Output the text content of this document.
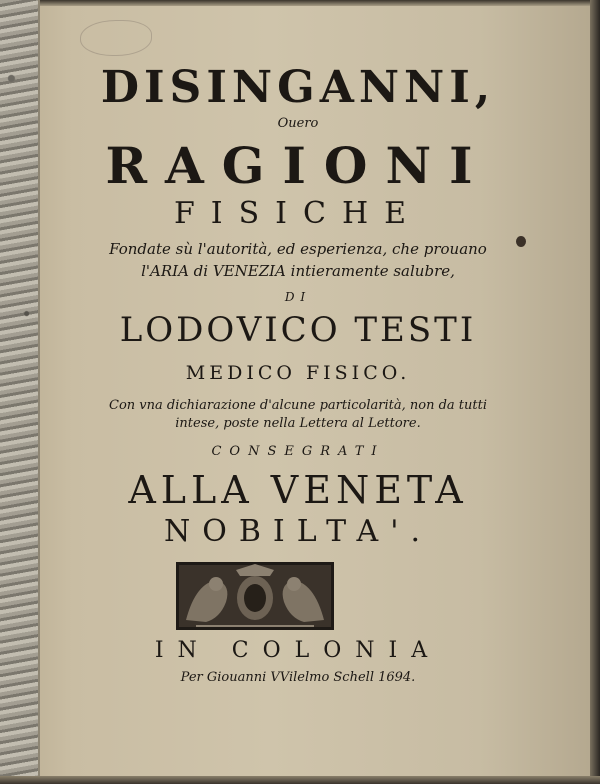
DISINGANNI,

Ouero

RAGIONI

FISICHE

Fondate sù l'autorità, ed esperienza, che prouano

l'ARIA di VENEZIA intieramente salubre,

DI

LODOVICO TESTI

MEDICO FISICO.

Con vna dichiarazione d'alcune particolarità, non da tutti

intese, poste nella Lettera al Lettore.

CONSEGRATI

ALLA VENETA

NOBILTA'.

IN COLONIA

Per Giouanni VVilelmo Schell 1694.
